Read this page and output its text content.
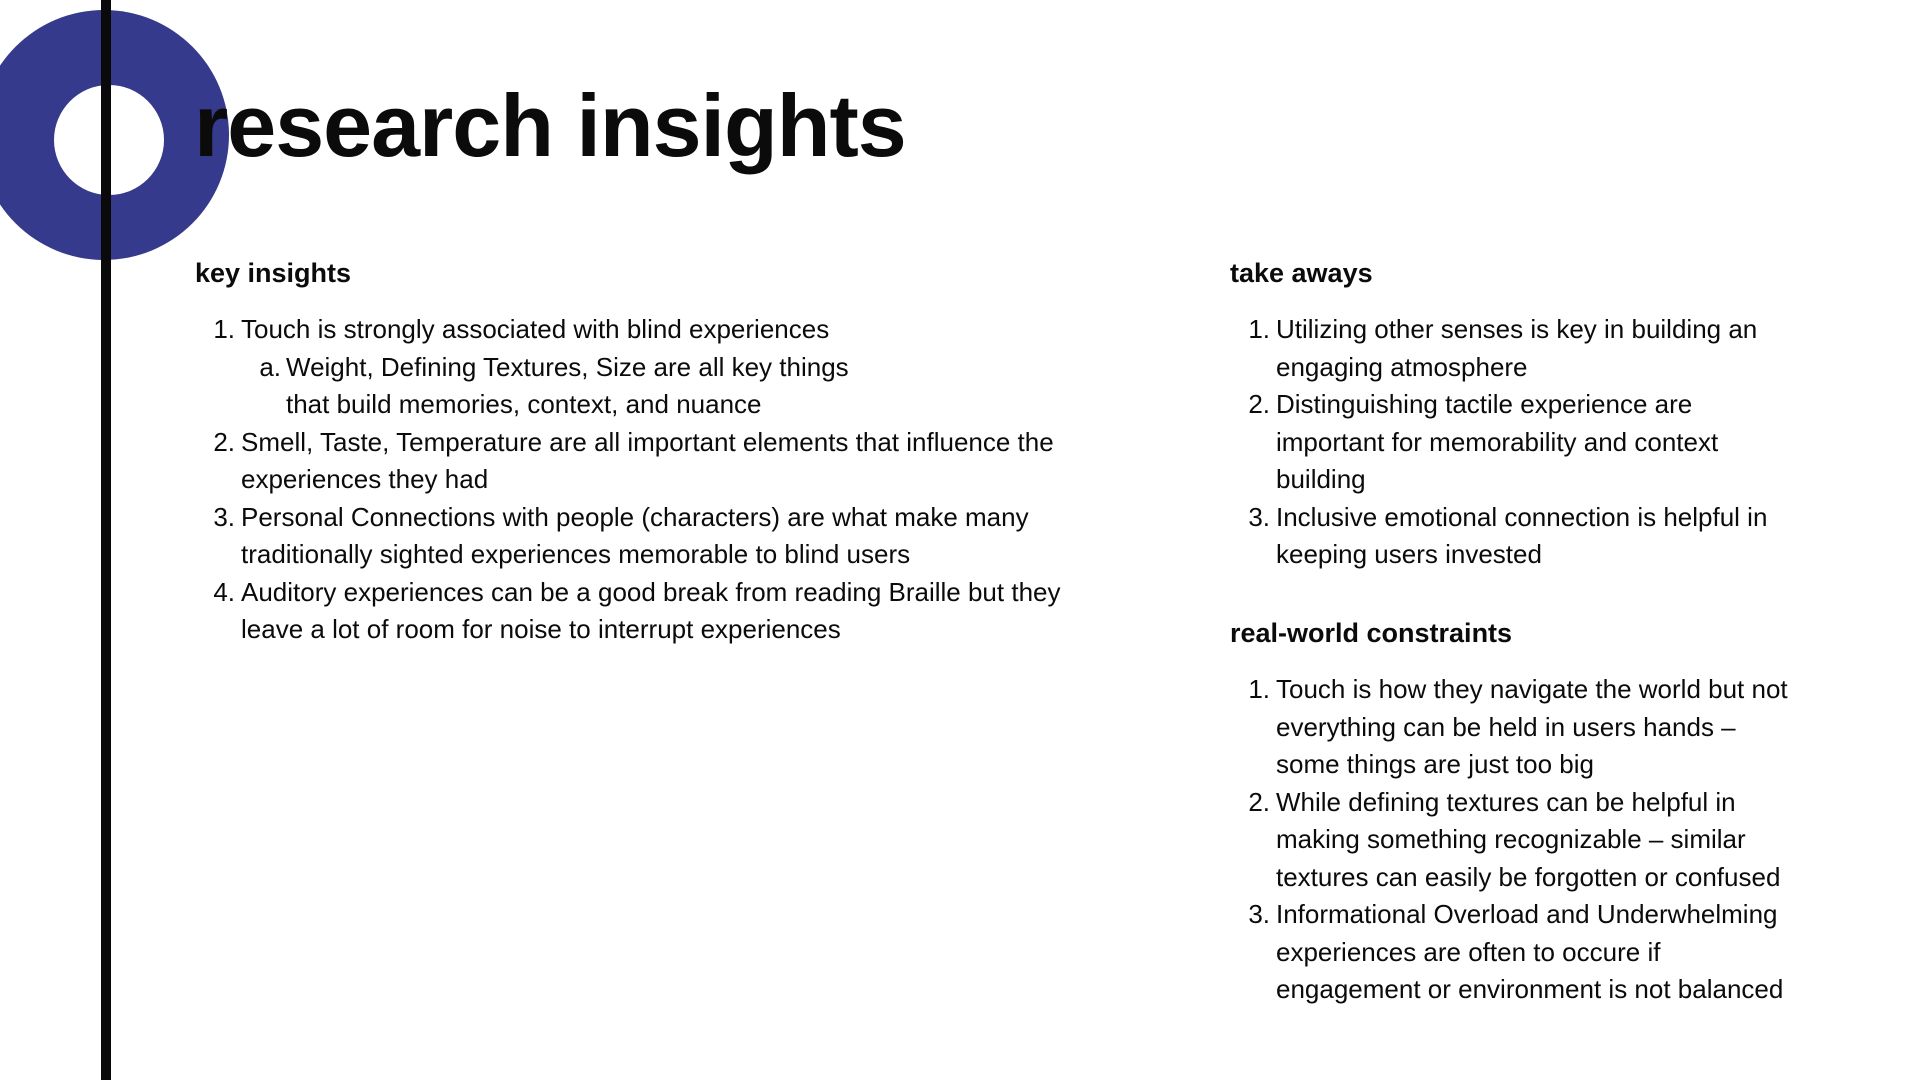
research insights
key insights
1. Touch is strongly associated with blind experiences
a. Weight, Defining Textures, Size are all key things that build memories, context, and nuance
2. Smell, Taste, Temperature are all important elements that influence the experiences they had
3. Personal Connections with people (characters) are what make many traditionally sighted experiences memorable to blind users
4. Auditory experiences can be a good break from reading Braille but they leave a lot of room for noise to interrupt experiences
take aways
1. Utilizing other senses is key in building an engaging atmosphere
2. Distinguishing tactile experience are important for memorability and context building
3. Inclusive emotional connection is helpful in keeping users invested
real-world constraints
1. Touch is how they navigate the world but not everything can be held in users hands – some things are just too big
2. While defining textures can be helpful in making something recognizable – similar textures can easily be forgotten or confused
3. Informational Overload and Underwhelming experiences are often to occure if engagement or environment is not balanced
